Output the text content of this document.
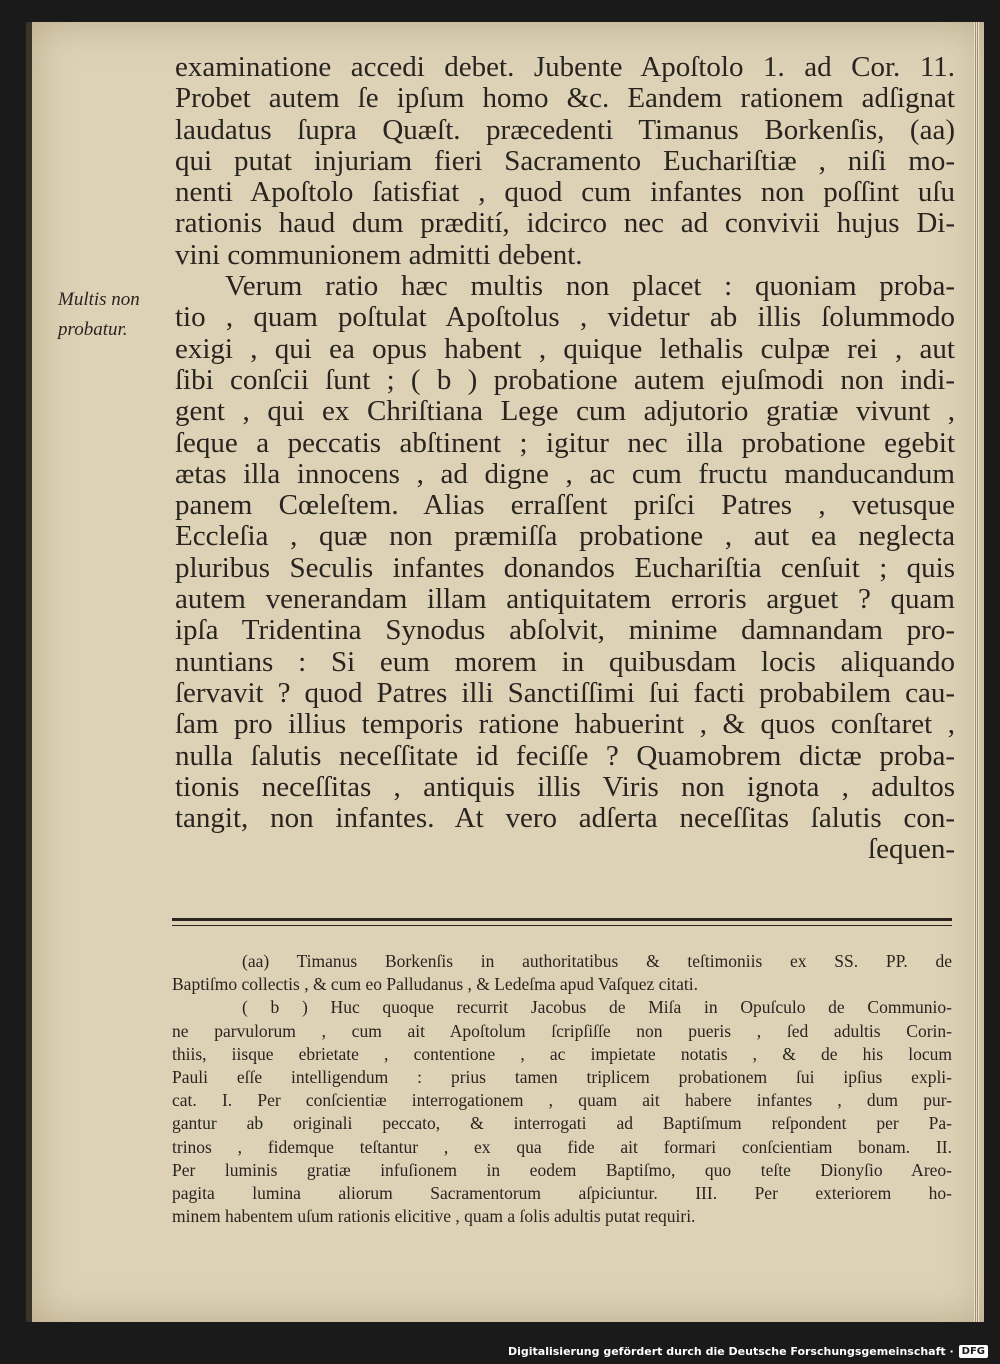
examinatione accedi debet. Jubente Apoſtolo 1. ad Cor. 11.
Probet autem ſe ipſum homo &c. Eandem rationem adſignat
laudatus ſupra Quæſt. præcedenti Timanus Borkenſis, (aa)
qui putat injuriam fieri Sacramento Euchariſtiæ , niſi mo-
nenti Apoſtolo ſatisfiat , quod cum infantes non poſſint uſu
rationis haud dum prædití, idcirco nec ad convivii hujus Di-
vini communionem admitti debent.
Verum ratio hæc multis non placet : quoniam proba-
tio , quam poſtulat Apoſtolus , videtur ab illis ſolummodo
exigi , qui ea opus habent , quique lethalis culpæ rei , aut
ſibi conſcii ſunt ; ( b ) probatione autem ejuſmodi non indi-
gent , qui ex Chriſtiana Lege cum adjutorio gratiæ vivunt ,
ſeque a peccatis abſtinent ; igitur nec illa probatione egebit
ætas illa innocens , ad digne , ac cum fructu manducandum
panem Cœleſtem. Alias erraſſent priſci Patres , vetusque
Eccleſia , quæ non præmiſſa probatione , aut ea neglecta
pluribus Seculis infantes donandos Euchariſtia cenſuit ; quis
autem venerandam illam antiquitatem erroris arguet ? quam
ipſa Tridentina Synodus abſolvit, minime damnandam pro-
nuntians : Si eum morem in quibusdam locis aliquando
ſervavit ? quod Patres illi Sanctiſſimi ſui facti probabilem cau-
ſam pro illius temporis ratione habuerint , & quos conſtaret ,
nulla ſalutis neceſſitate id feciſſe ? Quamobrem dictæ proba-
tionis neceſſitas , antiquis illis Viris non ignota , adultos
tangit, non infantes. At vero adſerta neceſſitas ſalutis con-
ſequen-
Multis non
probatur.
(aa) Timanus Borkenſis in authoritatibus & teſtimoniis ex SS. PP. de
Baptiſmo collectis , & cum eo Palludanus , & Ledeſma apud Vaſquez citati.
( b ) Huc quoque recurrit Jacobus de Miſa in Opuſculo de Communio-
ne parvulorum , cum ait Apoſtolum ſcripſiſſe non pueris , ſed adultis Corin-
thiis, iisque ebrietate , contentione , ac impietate notatis , & de his locum
Pauli eſſe intelligendum : prius tamen triplicem probationem ſui ipſius expli-
cat. I. Per conſcientiæ interrogationem , quam ait habere infantes , dum pur-
gantur ab originali peccato, & interrogati ad Baptiſmum reſpondent per Pa-
trinos , fidemque teſtantur , ex qua fide ait formari conſcientiam bonam. II.
Per luminis gratiæ infuſionem in eodem Baptiſmo, quo teſte Dionyſio Areo-
pagita lumina aliorum Sacramentorum aſpiciuntur. III. Per exteriorem ho-
minem habentem uſum rationis elicitive , quam a ſolis adultis putat requiri.
Digitalisierung gefördert durch die Deutsche Forschungsgemeinschaft · DFG
